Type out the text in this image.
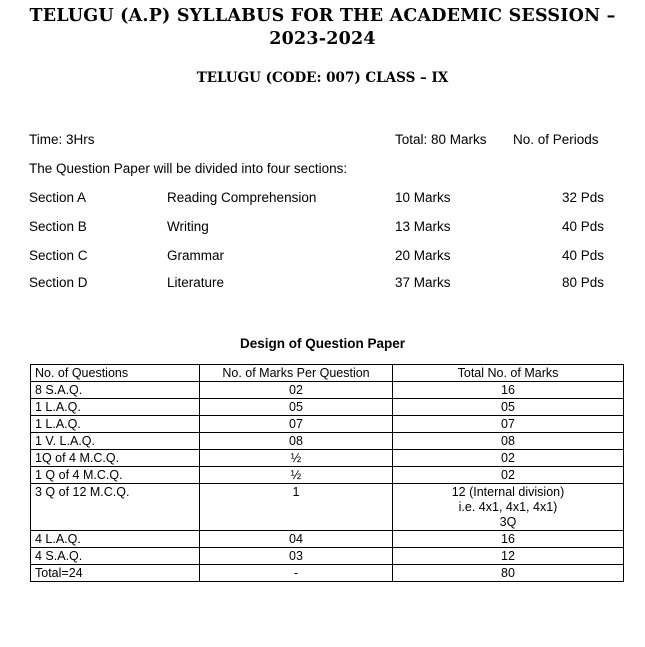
TELUGU (A.P) SYLLABUS FOR THE ACADEMIC SESSION –
2023-2024
TELUGU (CODE: 007) CLASS – IX
Time: 3Hrs	Total: 80 Marks No. of Periods
The Question Paper will be divided into four sections:
Section A	Reading Comprehension	10 Marks	32 Pds
Section B	Writing	13 Marks	40 Pds
Section C	Grammar	20 Marks	40 Pds
Section D	Literature	37 Marks	80 Pds
Design of Question Paper
No. of Questions	No. of Marks Per Question	Total No. of Marks
8 S.A.Q.	02	16
1 L.A.Q.	05	05
1 L.A.Q.	07	07
1 V. L.A.Q.	08	08
1Q of 4 M.C.Q.	½	02
1 Q of 4 M.C.Q.	½	02
3 Q of 12 M.C.Q.	1	12 (Internal division)
i.e. 4x1, 4x1, 4x1)
3Q
4 L.A.Q.	04	16
4 S.A.Q.	03	12
Total=24	-	80
